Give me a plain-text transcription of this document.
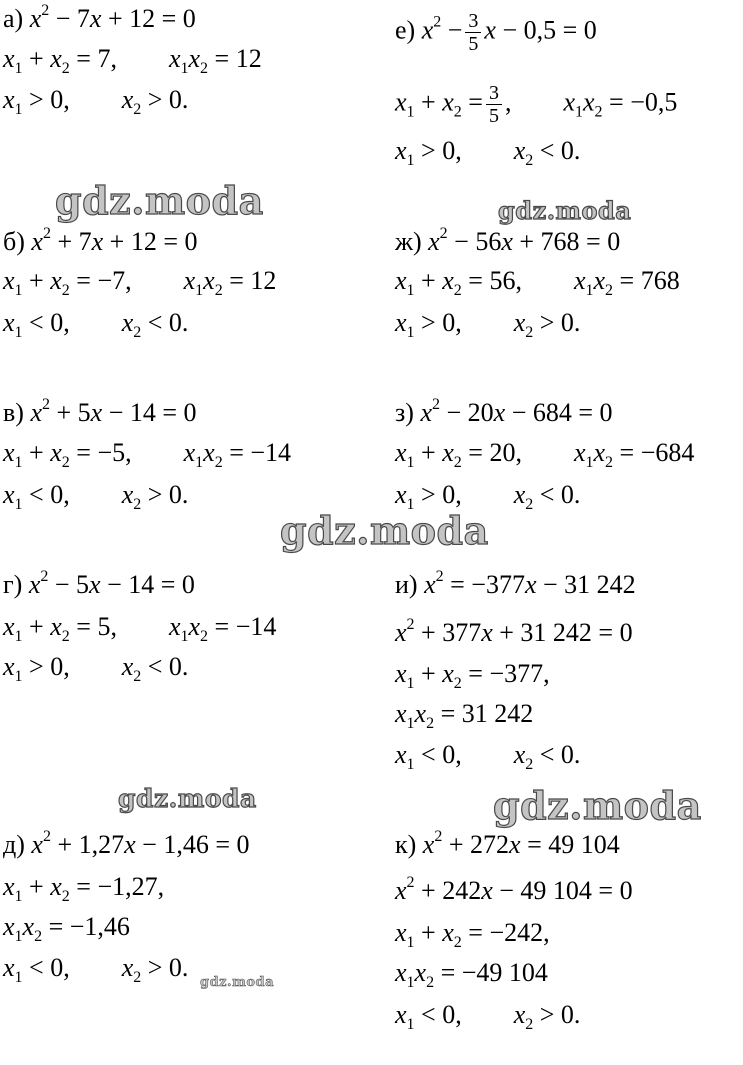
а) $x^2 - 7x + 12 = 0$
$x_1 + x_2 = 7$, $x_1x_2 = 12$
$x_1 > 0$, $x_2 > 0$.
б) $x^2 + 7x + 12 = 0$
$x_1 + x_2 = -7$, $x_1x_2 = 12$
$x_1 < 0$, $x_2 < 0$.
в) $x^2 + 5x - 14 = 0$
$x_1 + x_2 = -5$, $x_1x_2 = -14$
$x_1 < 0$, $x_2 > 0$.
г) $x^2 - 5x - 14 = 0$
$x_1 + x_2 = 5$, $x_1x_2 = -14$
$x_1 > 0$, $x_2 < 0$.
д) $x^2 + 1,27x - 1,46 = 0$
$x_1 + x_2 = -1,27$,
$x_1x_2 = -1,46$
$x_1 < 0$, $x_2 > 0$.
е) $x^2 - \frac{3}{5}$ x − 0,5 = 0
$x_1 + x_2 = \frac{3}{5}$ , $x_1x_2 = -0,5$
$x_1 > 0$, $x_2 < 0$.
ж) $x^2 - 56x + 768 = 0$
$x_1 + x_2 = 56$, $x_1x_2 = 768$
$x_1 > 0$, $x_2 > 0$.
з) $x^2 - 20x - 684 = 0$
$x_1 + x_2 = 20$, $x_1x_2 = -684$
$x_1 > 0$, $x_2 < 0$.
и) $x^2 = -377x - 31$ 242
$x^2 + 377x + 31$ 242 = 0
$x_1 + x_2 = -377$,
$x_1x_2 = 31$ 242
$x_1 < 0$, $x_2 < 0$.
к) $x^2 + 272x = 49$ 104
$x^2 + 242x - 49$ 104 = 0
$x_1 + x_2 = -242$,
$x_1x_2 = -49$ 104
$x_1 < 0$, $x_2 > 0$.
gdz.moda	gdz.moda
gdz.moda
gdz.moda	gdz.moda
gdz.moda
